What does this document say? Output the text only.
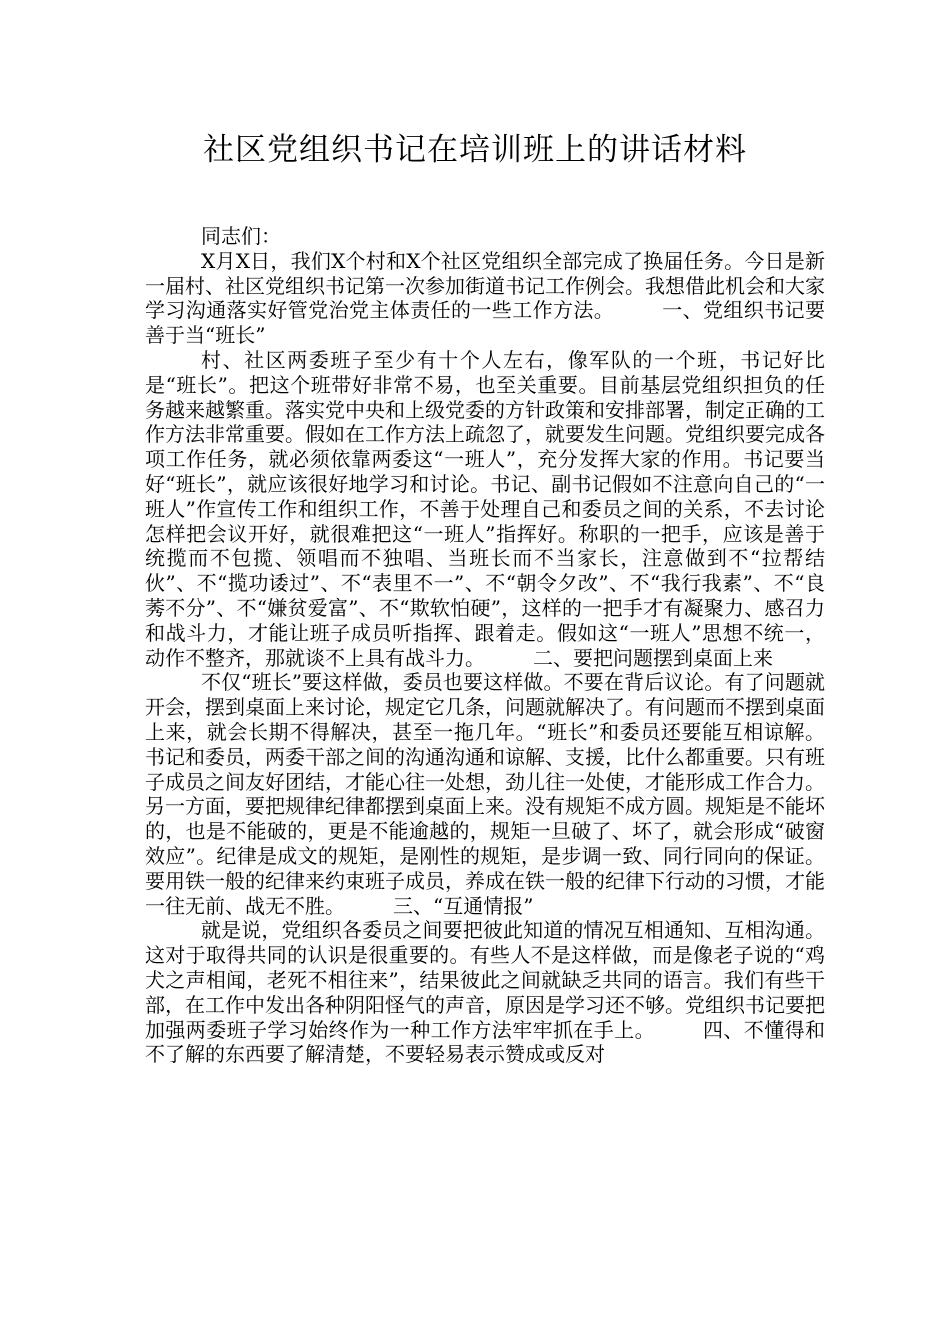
社区党组织书记在培训班上的讲话材料

同志们：

X月X日，我们X个村和X个社区党组织全部完成了换届任务。今日是新一届村、社区党组织书记第一次参加街道书记工作例会。我想借此机会和大家学习沟通落实好管党治党主体责任的一些工作方法。 一、党组织书记要善于当“班长”

村、社区两委班子至少有十个人左右，像军队的一个班，书记好比是“班长”。把这个班带好非常不易，也至关重要。目前基层党组织担负的任务越来越繁重。落实党中央和上级党委的方针政策和安排部署，制定正确的工作方法非常重要。假如在工作方法上疏忽了，就要发生问题。党组织要完成各项工作任务，就必须依靠两委这“一班人”，充分发挥大家的作用。书记要当好“班长”，就应该很好地学习和讨论。书记、副书记假如不注意向自己的“一班人”作宣传工作和组织工作，不善于处理自己和委员之间的关系，不去讨论怎样把会议开好，就很难把这“一班人”指挥好。称职的一把手，应该是善于统揽而不包揽、领唱而不独唱、当班长而不当家长，注意做到不“拉帮结伙”、不“揽功诿过”、不“表里不一”、不“朝令夕改”、不“我行我素”、不“良莠不分”、不“嫌贫爱富”、不“欺软怕硬”，这样的一把手才有凝聚力、感召力和战斗力，才能让班子成员听指挥、跟着走。假如这“一班人”思想不统一，动作不整齐，那就谈不上具有战斗力。 二、要把问题摆到桌面上来

不仅“班长”要这样做，委员也要这样做。不要在背后议论。有了问题就开会，摆到桌面上来讨论，规定它几条，问题就解决了。有问题而不摆到桌面上来，就会长期不得解决，甚至一拖几年。“班长”和委员还要能互相谅解。书记和委员，两委干部之间的沟通沟通和谅解、支援，比什么都重要。只有班子成员之间友好团结，才能心往一处想，劲儿往一处使，才能形成工作合力。另一方面，要把规律纪律都摆到桌面上来。没有规矩不成方圆。规矩是不能坏的，也是不能破的，更是不能逾越的，规矩一旦破了、坏了，就会形成“破窗效应”。纪律是成文的规矩，是刚性的规矩，是步调一致、同行同向的保证。要用铁一般的纪律来约束班子成员，养成在铁一般的纪律下行动的习惯，才能一往无前、战无不胜。 三、“互通情报”

就是说，党组织各委员之间要把彼此知道的情况互相通知、互相沟通。这对于取得共同的认识是很重要的。有些人不是这样做，而是像老子说的“鸡犬之声相闻，老死不相往来”，结果彼此之间就缺乏共同的语言。我们有些干部，在工作中发出各种阴阳怪气的声音，原因是学习还不够。党组织书记要把加强两委班子学习始终作为一种工作方法牢牢抓在手上。 四、不懂得和不了解的东西要了解清楚，不要轻易表示赞成或反对
